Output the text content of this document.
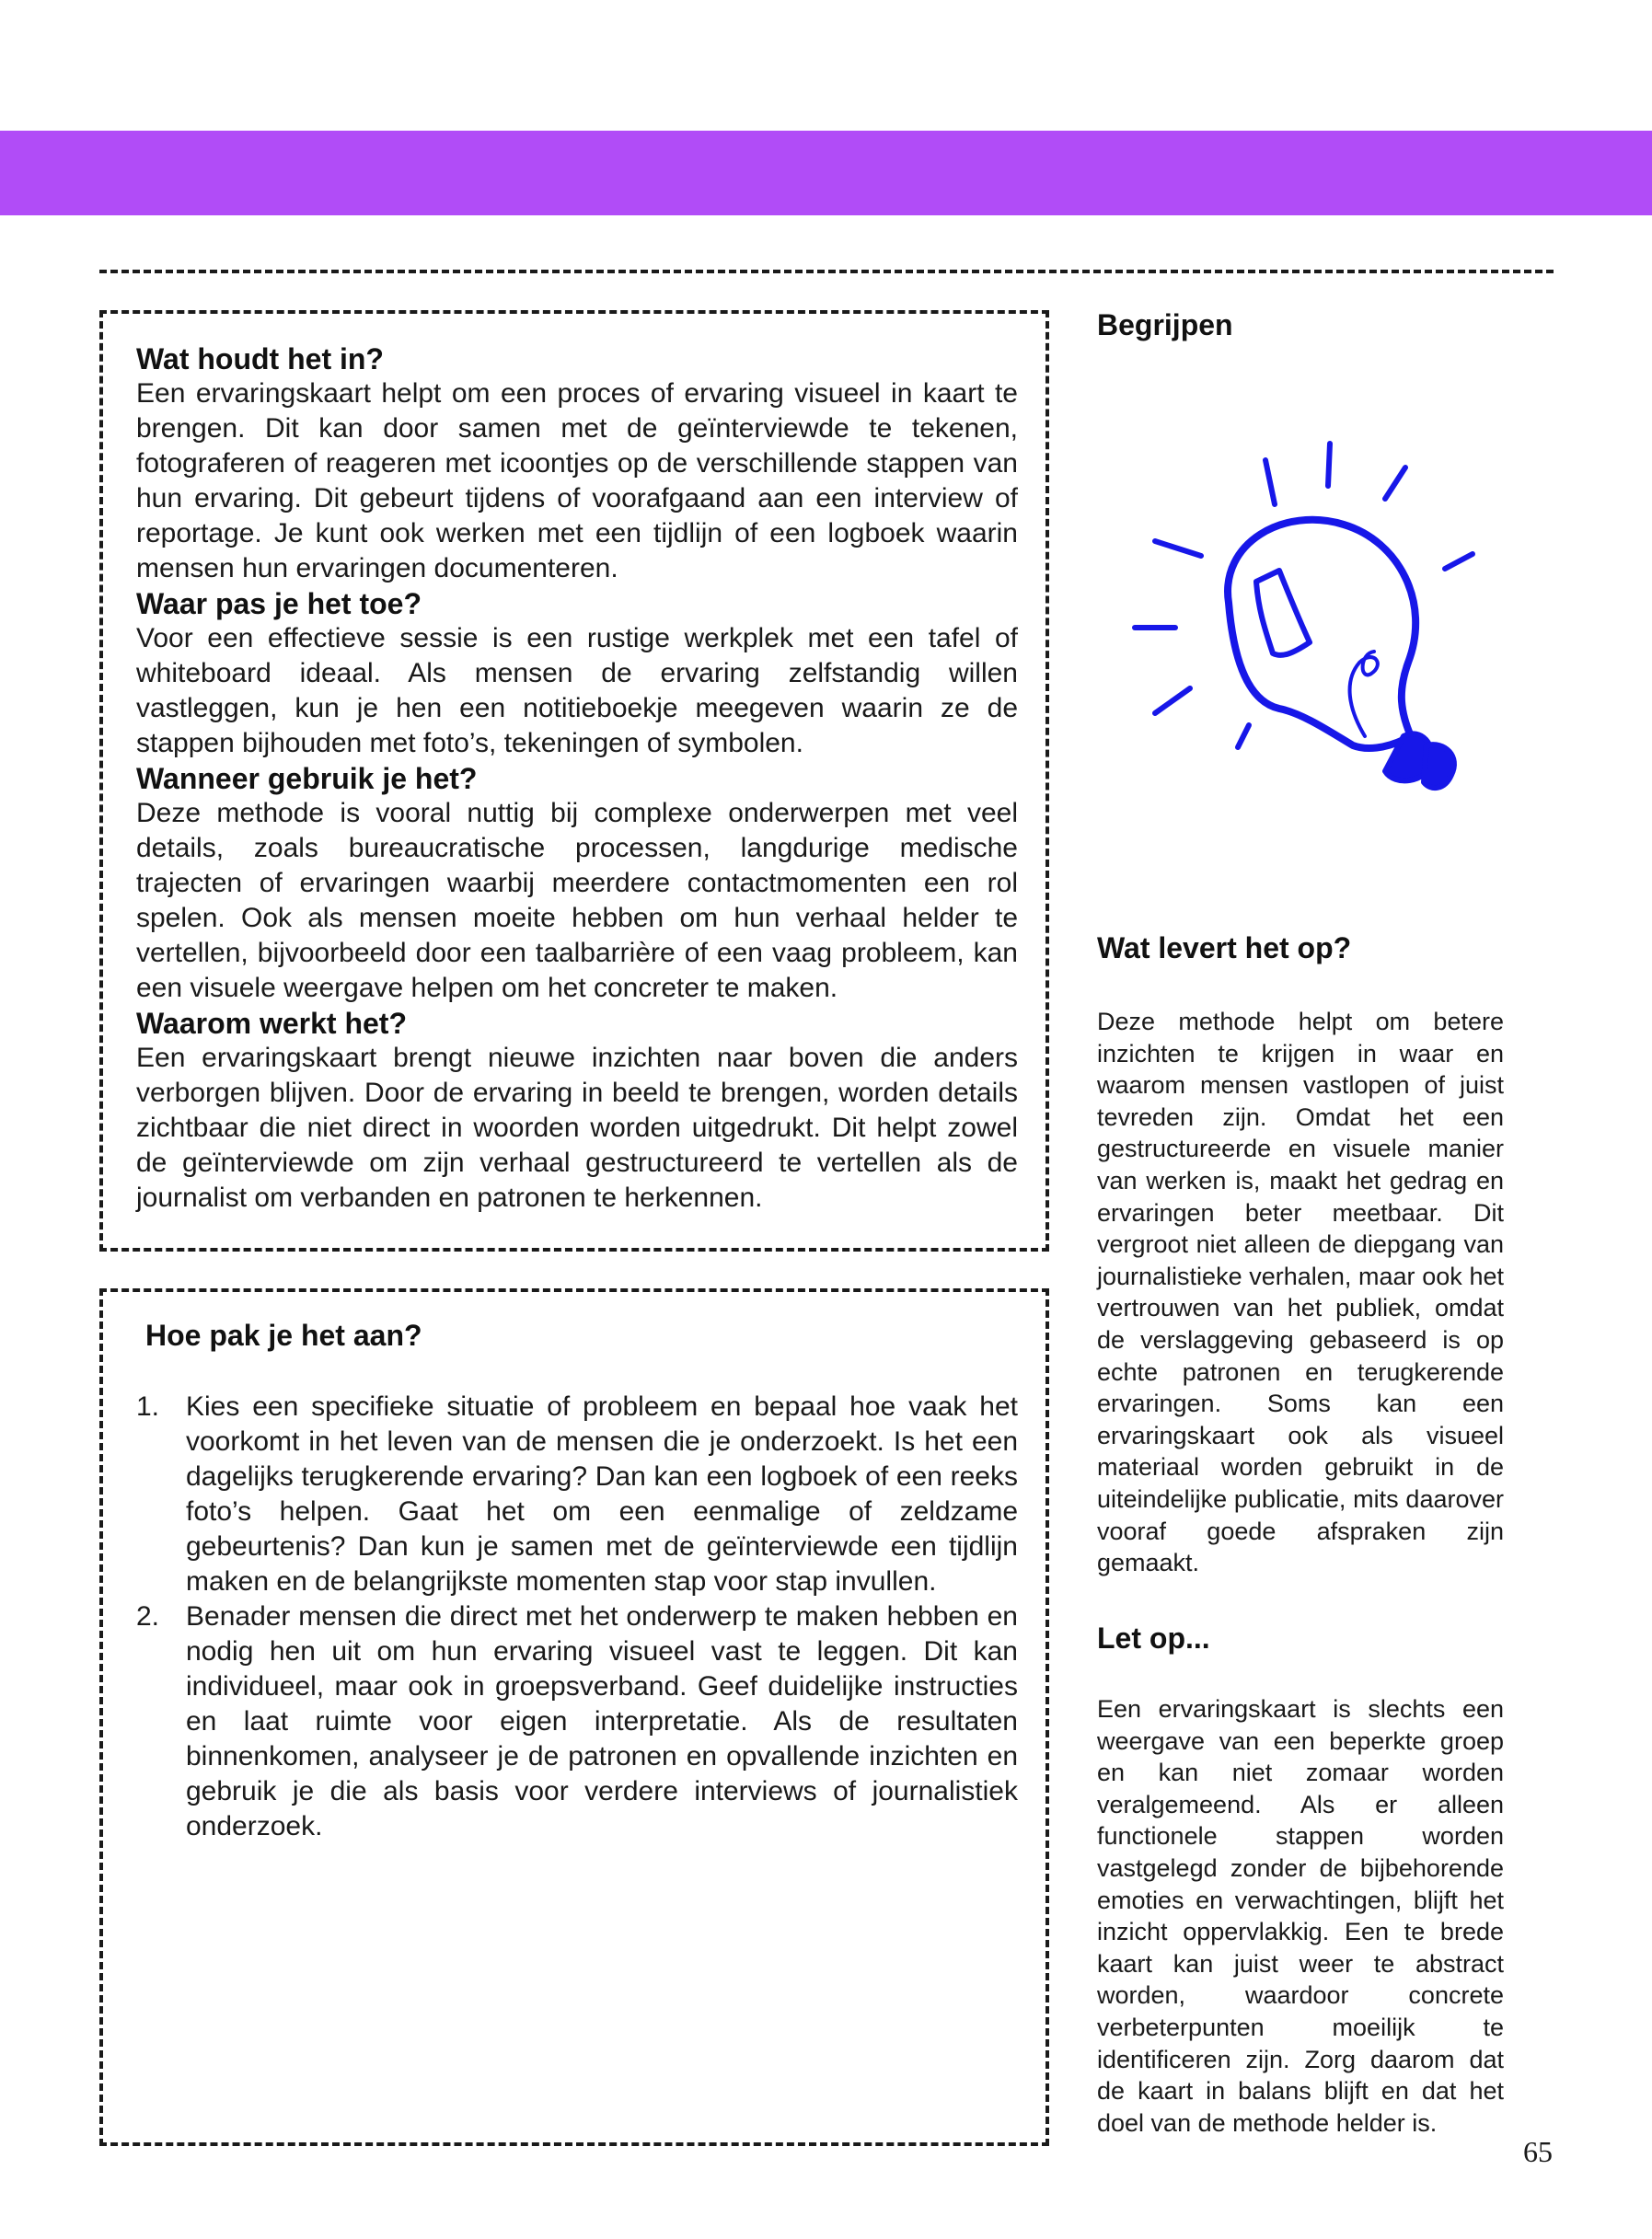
Wat houdt het in?

Een ervaringskaart helpt om een proces of ervaring visueel in kaart te brengen. Dit kan door samen met de geïnterviewde te tekenen, fotograferen of reageren met icoontjes op de verschillende stappen van hun ervaring. Dit gebeurt tijdens of voorafgaand aan een interview of reportage. Je kunt ook werken met een tijdlijn of een logboek waarin mensen hun ervaringen documenteren.

Waar pas je het toe?

Voor een effectieve sessie is een rustige werkplek met een tafel of whiteboard ideaal. Als mensen de ervaring zelfstandig willen vastleggen, kun je hen een notitieboekje meegeven waarin ze de stappen bijhouden met foto’s, tekeningen of symbolen.

Wanneer gebruik je het?

Deze methode is vooral nuttig bij complexe onderwerpen met veel details, zoals bureaucratische processen, langdurige medische trajecten of ervaringen waarbij meerdere contactmomenten een rol spelen. Ook als mensen moeite hebben om hun verhaal helder te vertellen, bijvoorbeeld door een taalbarrière of een vaag probleem, kan een visuele weergave helpen om het concreter te maken.

Waarom werkt het?

Een ervaringskaart brengt nieuwe inzichten naar boven die anders verborgen blijven. Door de ervaring in beeld te brengen, worden details zichtbaar die niet direct in woorden worden uitgedrukt. Dit helpt zowel de geïnterviewde om zijn verhaal gestructureerd te vertellen als de journalist om verbanden en patronen te herkennen.

Hoe pak je het aan?
1. Kies een specifieke situatie of probleem en bepaal hoe vaak het voorkomt in het leven van de mensen die je onderzoekt. Is het een dagelijks terugkerende ervaring? Dan kan een logboek of een reeks foto’s helpen. Gaat het om een eenmalige of zeldzame gebeurtenis? Dan kun je samen met de geïnterviewde een tijdlijn maken en de belangrijkste momenten stap voor stap invullen.
2. Benader mensen die direct met het onderwerp te maken hebben en nodig hen uit om hun ervaring visueel vast te leggen. Dit kan individueel, maar ook in groepsverband. Geef duidelijke instructies en laat ruimte voor eigen interpretatie. Als de resultaten binnenkomen, analyseer je de patronen en opvallende inzichten en gebruik je die als basis voor verdere interviews of journalistiek onderzoek.
Begrijpen
Wat levert het op?

Deze methode helpt om betere inzichten te krijgen in waar en waarom mensen vastlopen of juist tevreden zijn. Omdat het een gestructureerde en visuele manier van werken is, maakt het gedrag en ervaringen beter meetbaar. Dit vergroot niet alleen de diepgang van journalistieke verhalen, maar ook het vertrouwen van het publiek, omdat de verslaggeving gebaseerd is op echte patronen en terugkerende ervaringen. Soms kan een ervaringskaart ook als visueel materiaal worden gebruikt in de uiteindelijke publicatie, mits daarover vooraf goede afspraken zijn gemaakt.

Let op...

Een ervaringskaart is slechts een weergave van een beperkte groep en kan niet zomaar worden veralgemeend. Als er alleen functionele stappen worden vastgelegd zonder de bijbehorende emoties en verwachtingen, blijft het inzicht oppervlakkig. Een te brede kaart kan juist weer te abstract worden, waardoor concrete verbeterpunten moeilijk te identificeren zijn. Zorg daarom dat de kaart in balans blijft en dat het doel van de methode helder is.

65
